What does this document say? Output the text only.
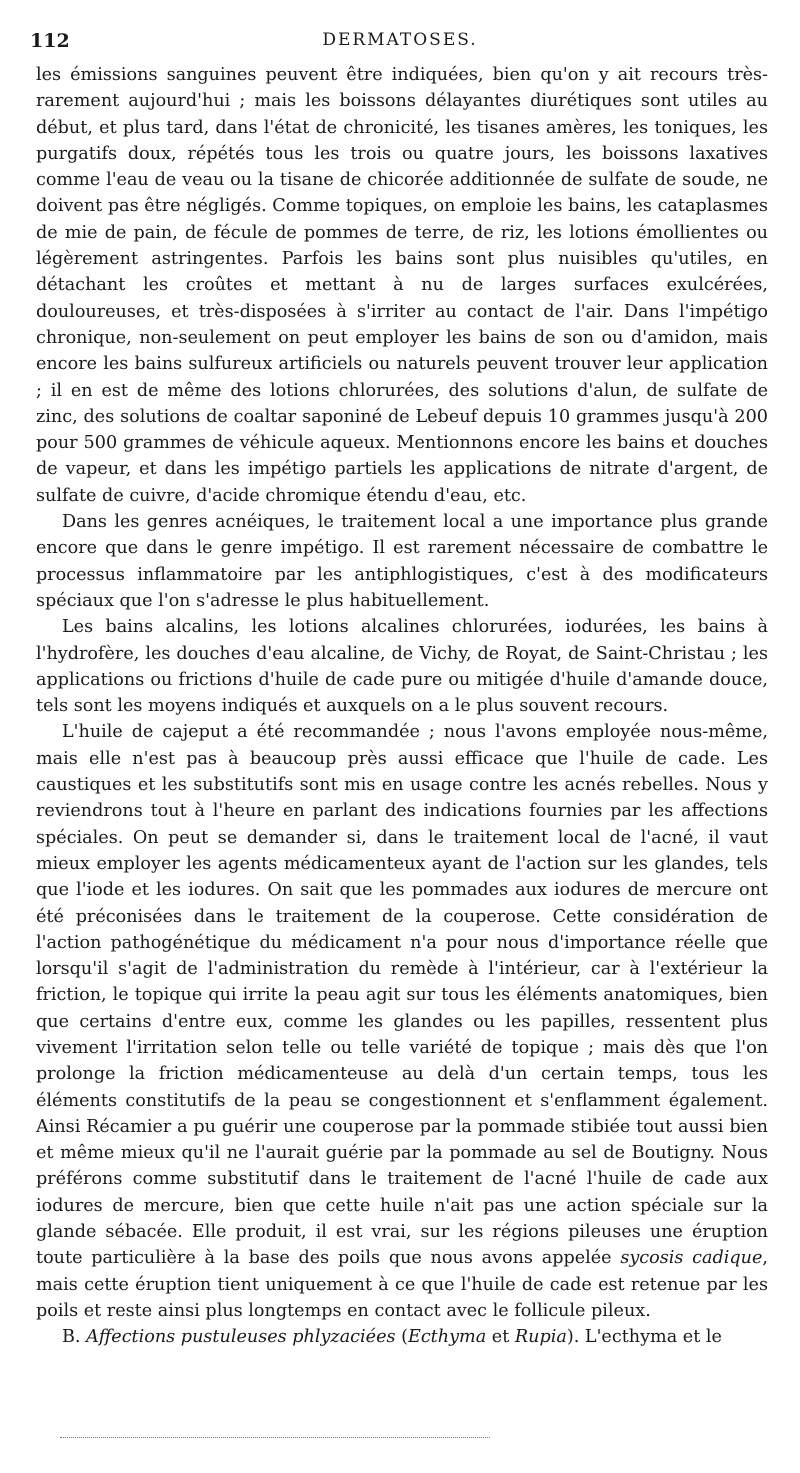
112	DERMATOSES.

les émissions sanguines peuvent être indiquées, bien qu'on y ait recours très-rarement aujourd'hui ; mais les boissons délayantes diurétiques sont utiles au début, et plus tard, dans l'état de chronicité, les tisanes amères, les toniques, les purgatifs doux, répétés tous les trois ou quatre jours, les boissons laxatives comme l'eau de veau ou la tisane de chicorée additionnée de sulfate de soude, ne doivent pas être négligés. Comme topiques, on emploie les bains, les cataplasmes de mie de pain, de fécule de pommes de terre, de riz, les lotions émollientes ou légèrement astringentes. Parfois les bains sont plus nuisibles qu'utiles, en détachant les croûtes et mettant à nu de larges surfaces exulcérées, douloureuses, et très-disposées à s'irriter au contact de l'air. Dans l'impétigo chronique, non-seulement on peut employer les bains de son ou d'amidon, mais encore les bains sulfureux artificiels ou naturels peuvent trouver leur application ; il en est de même des lotions chlorurées, des solutions d'alun, de sulfate de zinc, des solutions de coaltar saponiné de Lebeuf depuis 10 grammes jusqu'à 200 pour 500 grammes de véhicule aqueux. Mentionnons encore les bains et douches de vapeur, et dans les impétigo partiels les applications de nitrate d'argent, de sulfate de cuivre, d'acide chromique étendu d'eau, etc.

Dans les genres acnéiques, le traitement local a une importance plus grande encore que dans le genre impétigo. Il est rarement nécessaire de combattre le processus inflammatoire par les antiphlogistiques, c'est à des modificateurs spéciaux que l'on s'adresse le plus habituellement.

Les bains alcalins, les lotions alcalines chlorurées, iodurées, les bains à l'hydrofère, les douches d'eau alcaline, de Vichy, de Royat, de Saint-Christau ; les applications ou frictions d'huile de cade pure ou mitigée d'huile d'amande douce, tels sont les moyens indiqués et auxquels on a le plus souvent recours.

L'huile de cajeput a été recommandée ; nous l'avons employée nous-même, mais elle n'est pas à beaucoup près aussi efficace que l'huile de cade. Les caustiques et les substitutifs sont mis en usage contre les acnés rebelles. Nous y reviendrons tout à l'heure en parlant des indications fournies par les affections spéciales. On peut se demander si, dans le traitement local de l'acné, il vaut mieux employer les agents médicamenteux ayant de l'action sur les glandes, tels que l'iode et les iodures. On sait que les pommades aux iodures de mercure ont été préconisées dans le traitement de la couperose. Cette considération de l'action pathogénétique du médicament n'a pour nous d'importance réelle que lorsqu'il s'agit de l'administration du remède à l'intérieur, car à l'extérieur la friction, le topique qui irrite la peau agit sur tous les éléments anatomiques, bien que certains d'entre eux, comme les glandes ou les papilles, ressentent plus vivement l'irritation selon telle ou telle variété de topique ; mais dès que l'on prolonge la friction médicamenteuse au delà d'un certain temps, tous les éléments constitutifs de la peau se congestionnent et s'enflamment également. Ainsi Récamier a pu guérir une couperose par la pommade stibiée tout aussi bien et même mieux qu'il ne l'aurait guérie par la pommade au sel de Boutigny. Nous préférons comme substitutif dans le traitement de l'acné l'huile de cade aux iodures de mercure, bien que cette huile n'ait pas une action spéciale sur la glande sébacée. Elle produit, il est vrai, sur les régions pileuses une éruption toute particulière à la base des poils que nous avons appelée sycosis cadique, mais cette éruption tient uniquement à ce que l'huile de cade est retenue par les poils et reste ainsi plus longtemps en contact avec le follicule pileux.

B. Affections pustuleuses phlyzaciées (Ecthyma et Rupia). L'ecthyma et le
